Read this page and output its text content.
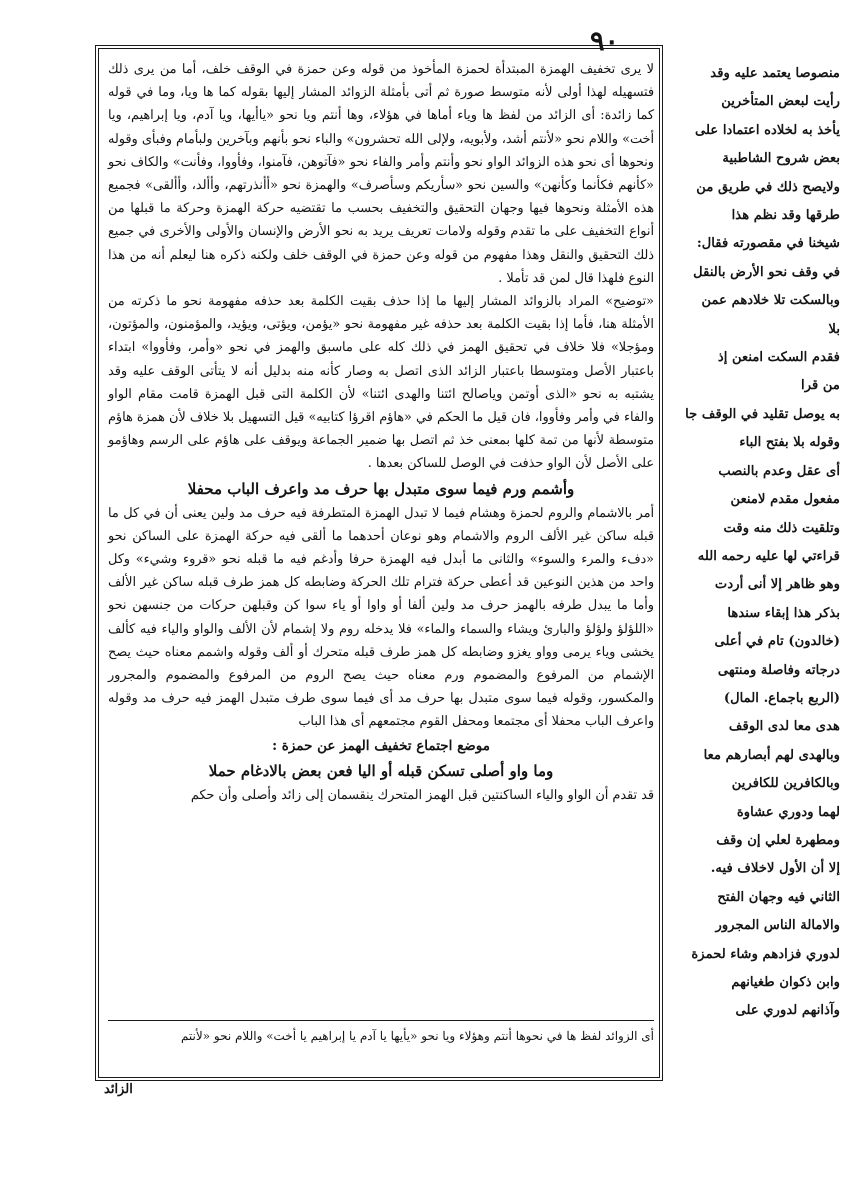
٩٠

لا يرى تخفيف الهمزة المبتدأة لحمزة المأخوذ من قوله وعن حمزة في الوقف خلف، أما من يرى ذلك فتسهيله لهذا أولى لأنه متوسط صورة ثم أتى بأمثلة الزوائد المشار إليها بقوله كما ها ويا، وما في قوله كما زائدة: أى الزائد من لفظ ها وياء أماها في هؤلاء، وها أنتم ويا نحو «ياأيها، ويا آدم، ويا إبراهيم، ويا أخت» واللام نحو «لأنتم أشد، ولأبويه، ولإلى الله تحشرون» والباء نحو بأنهم وبآخرين ولبأمام وفبأى وقوله ونحوها أى نحو هذه الزوائد الواو نحو وأنتم وأمر والفاء نحو «فآتوهن، فآمنوا، وفأووا، وفأنت» والكاف نحو «كأنهم فكأنما وكأنهن» والسين نحو «سأريكم وسأصرف» والهمزة نحو «أأنذرتهم، وأألد، وأألقى» فجميع هذه الأمثلة ونحوها فيها وجهان التحقيق والتخفيف بحسب ما تقتضيه حركة الهمزة وحركة ما قبلها من أنواع التخفيف على ما تقدم وقوله ولامات تعريف يريد به نحو الأرض والإنسان والأولى والأخرى في جميع ذلك التحقيق والنقل وهذا مفهوم من قوله وعن حمزة في الوقف خلف ولكنه ذكره هنا ليعلم أنه من هذا النوع فلهذا قال لمن قد تأملا .

«توضيح» المراد بالزوائد المشار إليها ما إذا حذف بقيت الكلمة بعد حذفه مفهومة نحو ما ذكرته من الأمثلة هنا، فأما إذا بقيت الكلمة بعد حذفه غير مفهومة نحو «يؤمن، ويؤتى، ويؤيد، والمؤمنون، والمؤتون، ومؤجلا» فلا خلاف في تحقيق الهمز في ذلك كله على ماسبق والهمز في نحو «وأمر، وفأووا» ابتداء باعتبار الأصل ومتوسطا باعتبار الزائد الذى اتصل به وصار كأنه منه بدليل أنه لا يتأتى الوقف عليه وقد يشتبه به نحو «الذى أوتمن وياصالح ائتنا والهدى ائتنا» لأن الكلمة التى قبل الهمزة قامت مقام الواو والفاء في وأمر وفأووا، فان قيل ما الحكم في «هاؤم اقرؤا كتابيه» قيل التسهيل بلا خلاف لأن همزة هاؤم متوسطة لأنها من تمة كلها بمعنى خذ ثم اتصل بها ضمير الجماعة ويوقف على هاؤم على الرسم وهاؤمو على الأصل لأن الواو حذفت في الوصل للساكن بعدها .

وأشمم ورم فيما سوى متبدل بها حرف مد واعرف الباب محفلا

أمر بالاشمام والروم لحمزة وهشام فيما لا تبدل الهمزة المتطرفة فيه حرف مد ولين يعنى أن في كل ما قبله ساكن غير الألف الروم والاشمام وهو نوعان أحدهما ما ألقى فيه حركة الهمزة على الساكن نحو «دفء والمرء والسوء» والثانى ما أبدل فيه الهمزة حرفا وأدغم فيه ما قبله نحو «قروء وشيء» وكل واحد من هذين النوعين قد أعطى حركة فترام تلك الحركة وضابطه كل همز طرف قبله ساكن غير الألف وأما ما يبدل طرفه بالهمز حرف مد ولين ألفا أو واوا أو ياء سوا كن وقبلهن حركات من جنسهن نحو «اللؤلؤ ولؤلؤ والبارئ ويشاء والسماء والماء» فلا يدخله روم ولا إشمام لأن الألف والواو والياء فيه كألف يخشى وياء يرمى وواو يغزو وضابطه كل همز طرف قبله متحرك أو ألف وقوله واشمم معناه حيث يصح الإشمام من المرفوع والمضموم ورم معناه حيث يصح الروم من المرفوع والمضموم والمجرور والمكسور، وقوله فيما سوى متبدل بها حرف مد أى فيما سوى طرف متبدل الهمز فيه حرف مد وقوله واعرف الباب محفلا أى مجتمعا ومحفل القوم مجتمعهم أى هذا الباب

موضع اجتماع تخفيف الهمز عن حمزة :

وما واو أصلى تسكن قبله أو اليا فعن بعض بالادغام حملا

قد تقدم أن الواو والياء الساكنتين قبل الهمز المتحرك ينقسمان إلى زائد وأصلى وأن حكم

أى الزوائد لفظ ها في نحوها أنتم وهؤلاء ويا نحو «يأيها يا آدم يا إبراهيم يا أخت» واللام نحو «لأنتم
الزائد

منصوصا يعتمد عليه وقد

رأيت لبعض المتأخرين

يأخذ به لخلاده اعتمادا على

بعض شروح الشاطبية

ولايصح ذلك في طريق من

طرقها وقد نظم هذا

شيخنا في مقصورته فقال:

في وقف نحو الأرض بالنقل

وبالسكت تلا خلادهم عمن

بلا

فقدم السكت امنعن إذ

من قرا

به يوصل تقليد في الوقف جا

وقوله بلا بفتح الباء

أى عقل وعدم بالنصب

مفعول مقدم لامنعن

وتلقيت ذلك منه وقت

قراءتي لها عليه رحمه الله

وهو ظاهر إلا أنى أردت

بذكر هذا إبقاء سندها

(خالدون) تام في أعلى

درجاته وفاصلة ومنتهى

(الربع باجماع. المال)

هدى معا لدى الوقف

وبالهدى لهم أبصارهم معا

وبالكافرين للكافرين

لهما ودوري عشاوة

ومطهرة لعلي إن وقف

إلا أن الأول لاخلاف فيه.

الثاني فيه وجهان الفتح

والامالة الناس المجرور

لدوري فزادهم وشاء لحمزة

وابن ذكوان طغيانهم

وآذانهم لدوري على
